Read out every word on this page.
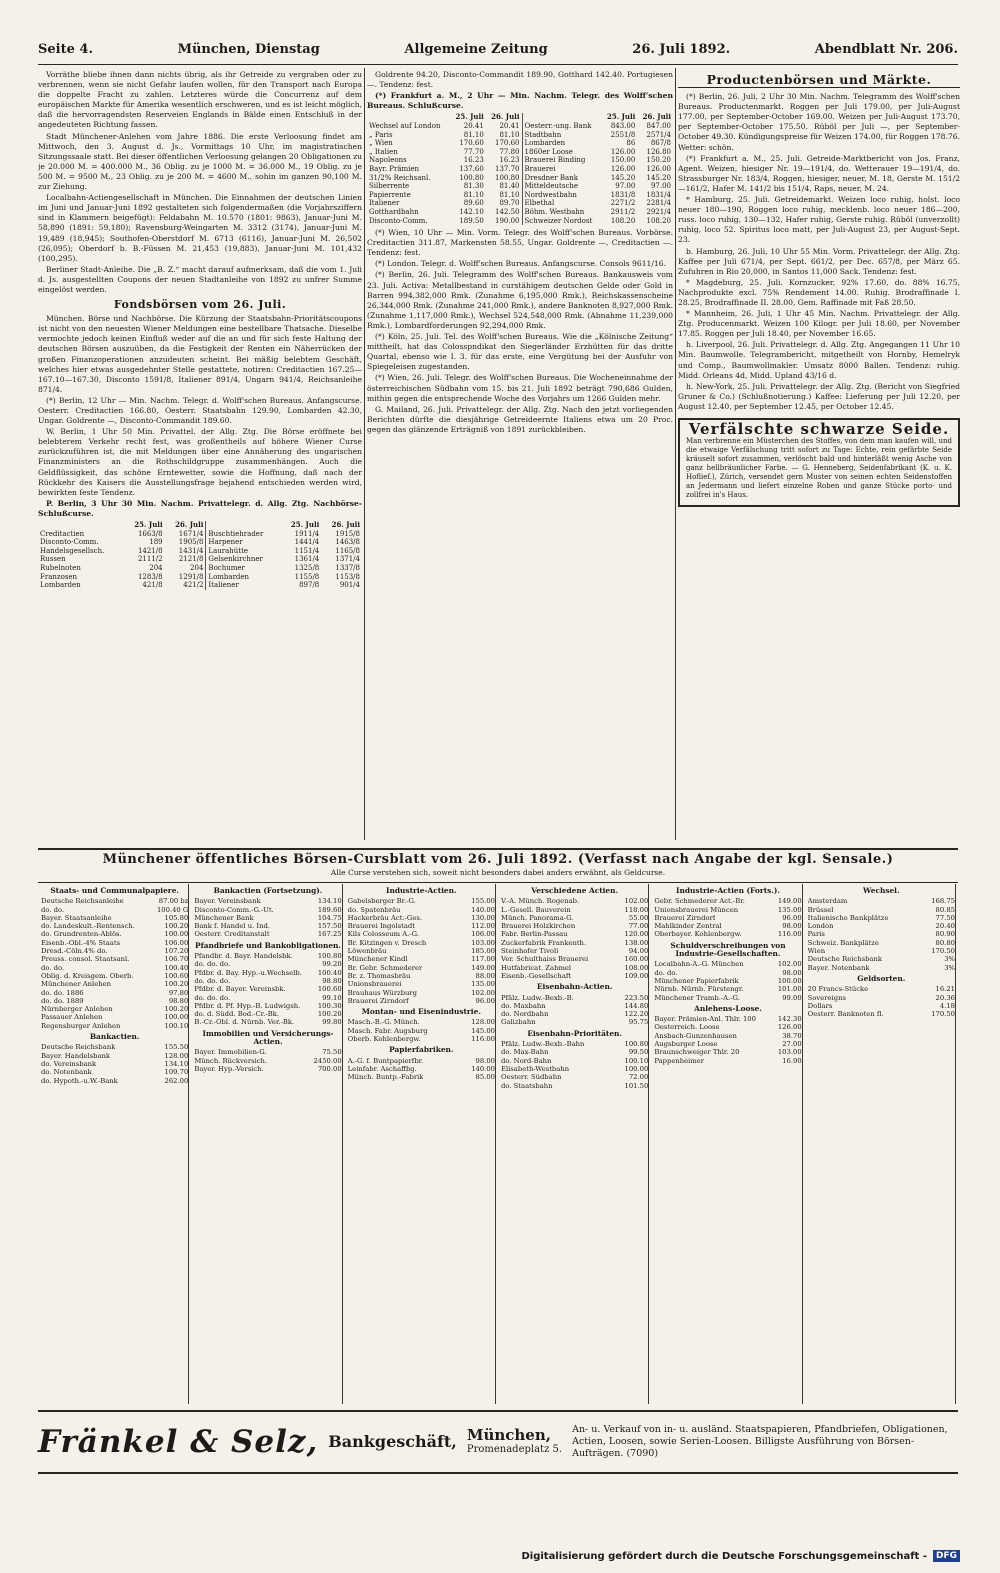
Seite 4.	München, Dienstag	Allgemeine Zeitung	26. Juli 1892.	Abendblatt Nr. 206.

Vorräthe bliebe ihnen dann nichts übrig, als ihr Getreide zu vergraben oder zu verbrennen, wenn sie nicht Gefahr laufen wollen, für den Transport nach Europa die doppelte Fracht zu zahlen. Letzteres würde die Concurrenz auf dem europäischen Markte für Amerika wesentlich erschweren, und es ist leicht möglich, daß die hervorragendsten Reserveien Englands in Bälde einen Entschluß in der angedeuteten Richtung fassen.

Stadt Münchener-Anlehen vom Jahre 1886. Die erste Verloosung findet am Mittwoch, den 3. August d. Js., Vormittags 10 Uhr, im magistratischen Sitzungssaale statt. Bei dieser öffentlichen Verloosung gelangen 20 Obligationen zu je 20.000 M. = 400.000 M., 36 Oblig. zu je 1000 M. = 36.000 M., 19 Oblig. zu je 500 M. = 9500 M., 23 Oblig. zu je 200 M. = 4600 M., sohin im ganzen 90,100 M. zur Ziehung.

Localbahn-Actiengesellschaft in München. Die Einnahmen der deutschen Linien im Juni und Januar-Juni 1892 gestalteten sich folgendermaßen (die Vorjahrsziffern sind in Klammern beigefügt): Feldabahn M. 10.570 (1801: 9863), Januar-Juni M. 58,890 (1891: 59,180); Ravensburg-Weingarten M. 3312 (3174), Januar-Juni M. 19,489 (18,945); Southofen-Oberstdorf M. 6713 (6116), Januar-Juni M. 26,502 (26,095); Oberdorf b. B.-Füssen M. 21,453 (19,883), Januar-Juni M. 101,432 (100,295).

Berliner Stadt-Anleihe. Die „B. Z.“ macht darauf aufmerksam, daß die vom 1. Juli d. Js. ausgestellten Coupons der neuen Stadtanleihe von 1892 zu unfrer Summe eingelöst werden.

Fondsbörsen vom 26. Juli.

München. Börse und Nachbörse. Die Kürzung der Staatsbahn-Prioritätscoupons ist nicht von den neuesten Wiener Meldungen eine bestellbare Thatsache. Dieselbe vermochte jedoch keinen Einfluß weder auf die an und für sich feste Haltung der deutschen Börsen auszuüben, da die Festigkeit der Renten ein Näherrücken der großen Finanzoperationen anzudeuten scheint. Bei mäßig belebtem Geschäft, welches hier etwas ausgedehnter Stelle gestattete, notiren: Creditactien 167.25—167.10—167.30, Disconto 1591/8, Italiener 891/4, Ungarn 941/4, Reichsanleihe 871/4.

(*) Berlin, 12 Uhr — Min. Nachm. Telegr. d. Wolff'schen Bureaus. Anfangscurse. Oesterr. Creditactien 166.80, Oesterr. Staatsbahn 129.90, Lombarden 42.30, Ungar. Goldrente —, Disconto-Commandit 189.60.

W. Berlin, 1 Uhr 50 Min. Privattel. der Allg. Ztg. Die Börse eröffnete bei belebterem Verkehr recht fest, was großentheils auf höhere Wiener Curse zurückzuführen ist, die mit Meldungen über eine Annäherung des ungarischen Finanzministers an die Rothschildgruppe zusammenhängen. Auch die Geldflüssigkeit, das schöne Erntewetter, sowie die Hoffnung, daß nach der Rückkehr des Kaisers die Ausstellungsfrage bejahend entschieden werden wird, bewirkten feste Tendenz.

P. Berlin, 3 Uhr 30 Min. Nachm. Privattelegr. d. Allg. Ztg. Nachbörse-Schlußcurse.

	25. Juli	26. Juli		25. Juli	26. Juli
Creditactien	1663/8	1671/4	Buschtiehrader	1911/4	1915/8
Disconto-Comm.	189	1905/8	Harpener	1441/4	1463/8
Handelsgesellsch.	1421/8	1431/4	Laurahütte	1151/4	1165/8
Russen	2111/2	2121/8	Gelsenkirchner	1361/4	1371/4
Rubelnoten	204	204	Bochumer	1325/8	1337/8
Franzosen	1283/8	1291/8	Lombarden	1155/8	1153/8
Lombarden	421/8	421/2	Italiener	897/8	901/4

Goldrente 94.20, Disconto-Commandit 189.90, Gotthard 142.40. Portugiesen —. Tendenz: fest.

(*) Frankfurt a. M., 2 Uhr — Min. Nachm. Telegr. des Wolff'schen Bureaus. Schlußcurse.

	25. Juli	26. Juli		25. Juli	26. Juli
Wechsel auf London	20.41	20.41	Oesterr.-ung. Bank	843.00	847.00
„ Paris	81.10	81.10	Stadtbahn	2551/8	2571/4
„ Wien	170.60	170.60	Lombarden	86	867/8
„ Italien	77.70	77.80	1860er Loose	126.00	126.80
Napoleons	16.23	16.23	Brauerei Binding	150.00	150.20
Bayr. Prämien	137.60	137.70	Brauerei	126.00	126.00
31/2% Reichsanl.	100.80	100.80	Dresdner Bank	145.20	145.20
Silberrente	81.30	81.40	Mitteldeutsche	97.00	97.00
Papierrente	81.10	81.10	Nordwestbahn	1831/8	1831/4
Italiener	89.60	89.70	Elbethal	2271/2	2281/4
Gotthardbahn	142.10	142.50	Böhm. Westbahn	2911/2	2921/4
Disconto-Comm.	189.50	190.00	Schweizer Nordost	108.20	108.20

(*) Wien, 10 Uhr — Min. Vorm. Telegr. des Wolff'schen Bureaus. Vorbörse. Creditactien 311.87, Markensten 58.55, Ungar. Goldrente —, Creditactien —. Tendenz: fest.

(*) London. Telegr. d. Wolff'schen Bureaus. Anfangscurse. Consols 9611/16.

(*) Berlin, 26. Juli. Telegramm des Wolff'schen Bureaus. Bankausweis vom 23. Juli. Activa: Metallbestand in curstähigem deutschen Gelde oder Gold in Barren 994,382,000 Rmk. (Zunahme 6,195,000 Rmk.), Reichskassenscheine 26,344,000 Rmk. (Zunahme 241,000 Rmk.), andere Banknoten 8,927,000 Rmk. (Zunahme 1,117,000 Rmk.), Wechsel 524,548,000 Rmk. (Abnahme 11,239,000 Rmk.), Lombardforderungen 92,294,000 Rmk.

(*) Köln, 25. Juli. Tel. des Wolff'schen Bureaus. Wie die „Kölnische Zeitung“ mittheilt, hat das Colosspndikat den Siegerländer Erzhütten für das dritte Quartal, ebenso wie I. 3. für das erste, eine Vergütung bei der Ausfuhr von Spiegeleisen zugestanden.

(*) Wien, 26. Juli. Telegr. des Wolff'schen Bureaus. Die Wocheneinnahme der österreichischen Südbahn vom 15. bis 21. Juli 1892 beträgt 790,686 Gulden, mithin gegen die entsprechende Woche des Vorjahrs um 1266 Gulden mehr.

G. Mailand, 26. Juli. Privattelegr. der Allg. Ztg. Nach den jetzt vorliegenden Berichten dürfte die diesjährige Getreideernte Italiens etwa um 20 Proc. gegen das glänzende Erträgniß von 1891 zurückbleiben.

Productenbörsen und Märkte.

(*) Berlin, 26. Juli, 2 Uhr 30 Min. Nachm. Telegramm des Wolff'schen Bureaus. Productenmarkt. Roggen per Juli 179.00, per Juli-August 177.00, per September-October 169.00. Weizen per Juli-August 173.70, per September-October 175.50. Rüböl per Juli —, per September-October 49.30. Kündigungspreise für Weizen 174.00, für Roggen 178.76. Wetter: schön.

(*) Frankfurt a. M., 25. Juli. Getreide-Marktbericht von Jos. Franz, Agent. Weizen, hiesiger Nr. 19—191/4, do. Wetterauer 19—191/4, do. Strassburger Nr. 183/4, Roggen, hiesiger, neuer, M. 18, Gerste M. 151/2—161/2, Hafer M. 141/2 bis 151/4, Raps, neuer, M. 24.

* Hamburg, 25. Juli. Getreidemarkt. Weizen loco ruhig, holst. loco neuer 180—190, Roggen loco ruhig, mecklenb. loco neuer 186—200, russ. loco ruhig, 130—132, Hafer ruhig, Gerste ruhig. Rüböl (unverzollt) ruhig, loco 52. Spiritus loco matt, per Juli-August 23, per August-Sept. 23.

b. Hamburg, 26. Juli, 10 Uhr 55 Min. Vorm. Privattelegr. der Allg. Ztg. Kaffee per Juli 671/4, per Sept. 661/2, per Dec. 657/8, per März 65. Zufuhren in Rio 20,000, in Santos 11,000 Sack. Tendenz: fest.

* Magdeburg, 25. Juli. Kornzucker, 92% 17.60, do. 88% 16.75, Nachprodukte excl. 75% Rendement 14.00. Ruhig. Brodraffinade I. 28.25, Brodraffinade II. 28.00, Gem. Raffinade mit Faß 28.50.

* Mannheim, 26. Juli, 1 Uhr 45 Min. Nachm. Privattelegr. der Allg. Ztg. Producenmarkt. Weizen 100 Kilogr. per Juli 18.60, per November 17.85. Roggen per Juli 18.40, per November 16.65.

h. Liverpool, 26. Juli. Privattelegr. d. Allg. Ztg. Angegangen 11 Uhr 10 Min. Baumwolle. Telegrambericht, mitgetheilt von Hornby, Hemelryk und Comp., Baumwollmakler. Umsatz 8000 Ballen. Tendenz: ruhig. Midd. Orleans 4d, Midd. Upland 43/16 d.

h. New-York, 25. Juli. Privattelegr. der Allg. Ztg. (Bericht von Siegfried Gruner & Co.) (Schlußnotierung.) Kaffee: Lieferung per Juli 12.20, per August 12.40, per September 12.45, per October 12.45.

Verfälschte schwarze Seide.

Man verbrenne ein Müsterchen des Stoffes, von dem man kaufen will, und die etwaige Verfälschung tritt sofort zu Tage: Echte, rein gefärbte Seide kräuselt sofort zusammen, verlöscht bald und hinterläßt wenig Asche von ganz hellbräunlicher Farbe. — G. Henneberg, Seidenfabrikant (K. u. K. Hoflief.), Zürich, versendet gern Muster von seinen echten Seidenstoffen an Jedermann und liefert einzelne Roben und ganze Stücke porto- und zollfrei in's Haus.

Münchener öffentliches Börsen-Cursblatt vom 26. Juli 1892. (Verfasst nach Angabe der kgl. Sensale.)
Alle Curse verstehen sich, soweit nicht besonders dabei anders erwähnt, als Geldcurse.
Staats- und Communalpapiere.
Deutsche Reichsanleihe	87.00 bz
do. do.	100.40 G
Bayer. Staatsanleihe	105.80
do. Landeskult.-Rentensch.	100.20
do. Grundrenten-Ablös.	100.00
Eisenb.-Obl.-4% Staats	106.00
Dresd.-Cöln.4% do.	107.20
Preuss. consol. Staatsanl.	106.70
do. do.	100.40
Oblig. d. Kreisgem. Oberb.	100.60
Münchener Anlehen	100.20
do. do. 1886	97.80
do. do. 1889	98.80
Nürnberger Anlehen	100.20
Passauer Anlehen	100.00
Regensburger Anlehen	100.10
Bankactien.
Deutsche Reichsbank	155.50
Bayer. Handelsbank	128.00
do. Vereinsbank	134.10
do. Notenbank	109.70
do. Hypoth.-u.W.-Bank	262.00
Bankactien (Fortsetzung).
Bayer. Vereinsbank	134.10
Disconto-Comm.-G.-Ut.	189.60
Münchener Bank	104.75
Bank f. Handel u. Ind.	157.50
Oesterr. Creditanstalt	167.25
Pfandbriefe und Bankobligationen.
Pfandbr. d. Bayr. Handelsbk.	100.80
do. do. do.	99.20
Pfdbr. d. Bay. Hyp.-u.Wechselb.	100.40
do. do. do.	98.80
Pfdbr. d. Bayer. Vereinsbk.	100.60
do. do. do.	99.10
Pfdbr. d. Pf. Hyp.-B. Ludwigsh.	100.30
do. d. Südd. Bod.-Cr.-Bk.	100.20
B.-Cr.-Obl. d. Nürnb. Ver.-Bk.	99.80
Immobilien und Versicherungs-Actien.
Bayer. Immobilien-G.	75.50
Münch. Rückversich.	2450.00
Bayer. Hyp.-Versich.	700.00
Industrie-Actien.
Gabelsberger Br.-G.	155.00
do. Spatenbräu	140.00
Hackerbräu Act.-Ges.	130.00
Brauerei Ingolstadt	112.00
Kils Colosseum A.-G.	106.00
Br. Kitzingen v. Dresch	103.00
Löwenbräu	185.00
Münchener Kindl	117.00
Br. Gebr. Schmederer	149.00
Br. z. Thomasbräu	88.00
Unionsbrauerei	135.00
Brauhaus Würzburg	102.00
Brauerei Zirndorf	96.00
Montan- und Eisenindustrie.
Masch.-B.-G. Münch.	128.00
Masch. Fabr. Augsburg	145.00
Oberb. Kohlenbergw.	116.00
Papierfabriken.
A.-G. f. Buntpapierfbr.	98.00
Leinfabr. Aschaffbg.	140.00
Münch. Buntp.-Fabrik	85.00
Verschiedene Actien.
V.-A. Münch. Rogenab.	102.00
L.-Gesell. Bauverein	118.00
Münch. Panorama-G.	55.00
Brauerei Holzkirchen	77.00
Fabr. Berlin-Passau	120.00
Zuckerfabrik Frankenth.	138.00
Steinhofer Tivoli	94.00
Ver. Schulthaiss Brauerei	160.00
Hutfabricat. Zahmel	108.00
Eisenb.-Gesellschaft	109.00
Eisenbahn-Actien.
Pfälz. Ludw.-Bexb.-B.	223.50
do. Maxbahn	144.80
do. Nordbahn	122.20
Galizbahn	95.75
Eisenbahn-Prioritäten.
Pfälz. Ludw.-Bexb.-Bahn	100.80
do. Max-Bahn	99.50
do. Nord-Bahn	100.10
Elisabeth-Westbahn	100.00
Oesterr. Südbahn	72.00
do. Staatsbahn	101.50
Industrie-Actien (Forts.).
Gebr. Schmederer Act.-Br.	149.00
Unionsbrauerei Müncen	135.00
Brauerei Zirndorf	96.00
Mahlkinder Zentral	98.00
Oberbayer. Kohlenbergw.	116.00
Schuldverschreibungen von Industrie-Gesellschaften.
Localbahn-A.-G. München	102.00
do. do.	98.00
Münchener Papierfabrik	100.00
Nürnb. Nürnb. Fürstengr.	101.00
Münchener Tramb.-A.-G.	99.00
Anlehens-Loose.
Bayer. Prämien-Anl. Thlr. 100	142.30
Oesterreich. Loose	126.00
Ansbach-Gunzenhausen	38.70
Augsburger Loose	27.00
Braunschweiger Thlr. 20	103.00
Pappenheimer	16.90
Wechsel.
Amsterdam	168.75
Brüssel	80.85
Italienische Bankplätze	77.50
London	20.40
Paris	80.90
Schweiz. Bankplätze	80.80
Wien	170.50
Deutsche Reichsbank	3%
Bayer. Notenbank	3%
Geldsorten.
20 Francs-Stücke	16.21
Sovereigns	20.36
Dollars	4.18
Oesterr. Banknoten fl.	170.50
Fränkel & Selz, Bankgeschäft, München,
Promenadeplatz 5.
An- u. Verkauf von in- u. ausländ. Staatspapieren, Pfandbriefen, Obligationen, Actien, Loosen, sowie Serien-Loosen. Billigste Ausführung von Börsen-Aufträgen. (7090)
Digitalisierung gefördert durch die Deutsche Forschungsgemeinschaft -	DFG
